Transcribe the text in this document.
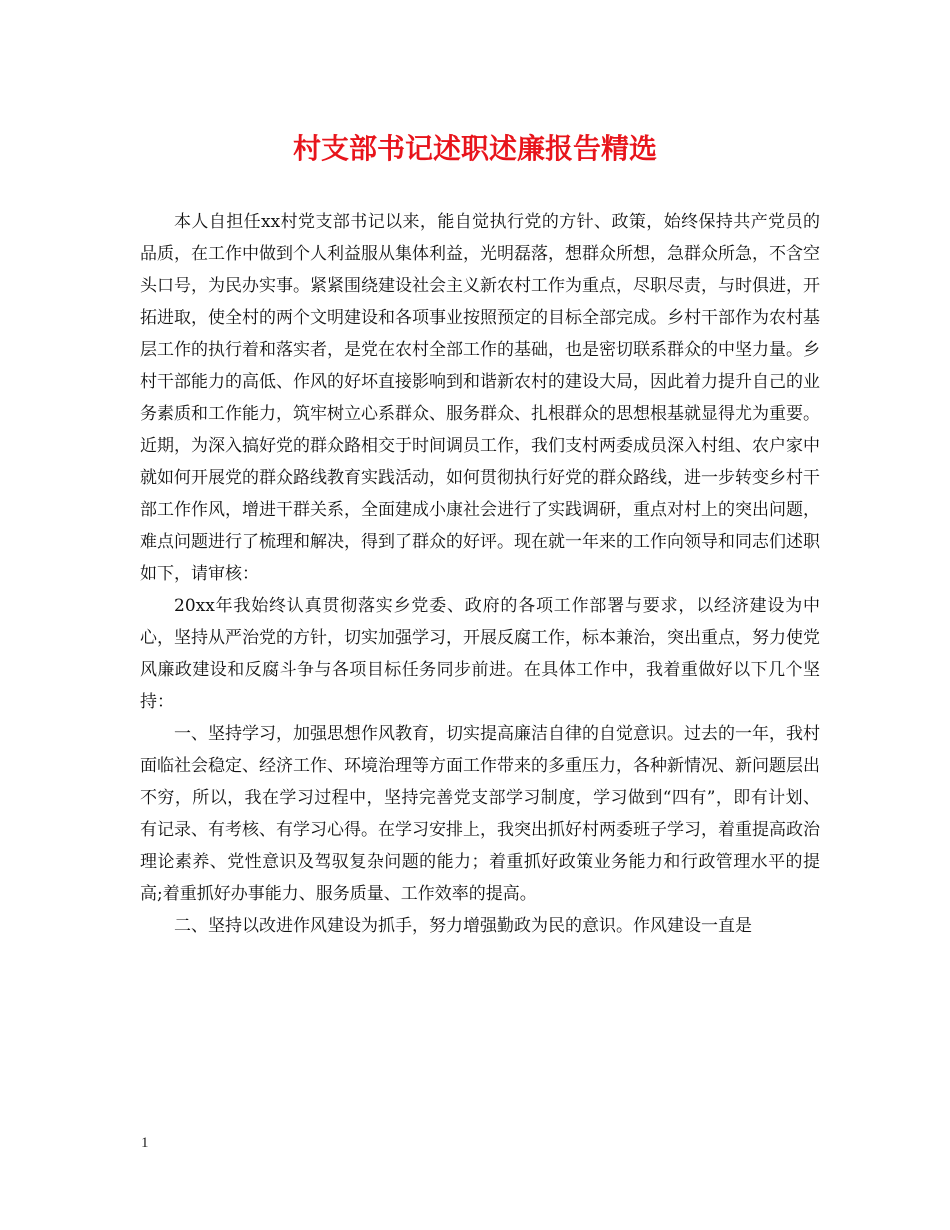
村支部书记述职述廉报告精选

本人自担任xx村党支部书记以来，能自觉执行党的方针、政策，始终保持共产党员的品质，在工作中做到个人利益服从集体利益，光明磊落，想群众所想，急群众所急，不含空头口号，为民办实事。紧紧围绕建设社会主义新农村工作为重点，尽职尽责，与时俱进，开拓进取，使全村的两个文明建设和各项事业按照预定的目标全部完成。乡村干部作为农村基层工作的执行着和落实者，是党在农村全部工作的基础，也是密切联系群众的中坚力量。乡村干部能力的高低、作风的好坏直接影响到和谐新农村的建设大局，因此着力提升自己的业务素质和工作能力，筑牢树立心系群众、服务群众、扎根群众的思想根基就显得尤为重要。近期，为深入搞好党的群众路相交于时间调员工作，我们支村两委成员深入村组、农户家中就如何开展党的群众路线教育实践活动，如何贯彻执行好党的群众路线，进一步转变乡村干部工作作风，增进干群关系，全面建成小康社会进行了实践调研，重点对村上的突出问题，难点问题进行了梳理和解决，得到了群众的好评。现在就一年来的工作向领导和同志们述职如下，请审核：

20xx年我始终认真贯彻落实乡党委、政府的各项工作部署与要求，以经济建设为中心，坚持从严治党的方针，切实加强学习，开展反腐工作，标本兼治，突出重点，努力使党风廉政建设和反腐斗争与各项目标任务同步前进。在具体工作中，我着重做好以下几个坚持：

一、坚持学习，加强思想作风教育，切实提高廉洁自律的自觉意识。过去的一年，我村面临社会稳定、经济工作、环境治理等方面工作带来的多重压力，各种新情况、新问题层出不穷，所以，我在学习过程中，坚持完善党支部学习制度，学习做到“四有”，即有计划、有记录、有考核、有学习心得。在学习安排上，我突出抓好村两委班子学习，着重提高政治理论素养、党性意识及驾驭复杂问题的能力；着重抓好政策业务能力和行政管理水平的提高;着重抓好办事能力、服务质量、工作效率的提高。

二、坚持以改进作风建设为抓手，努力增强勤政为民的意识。作风建设一直是

1
